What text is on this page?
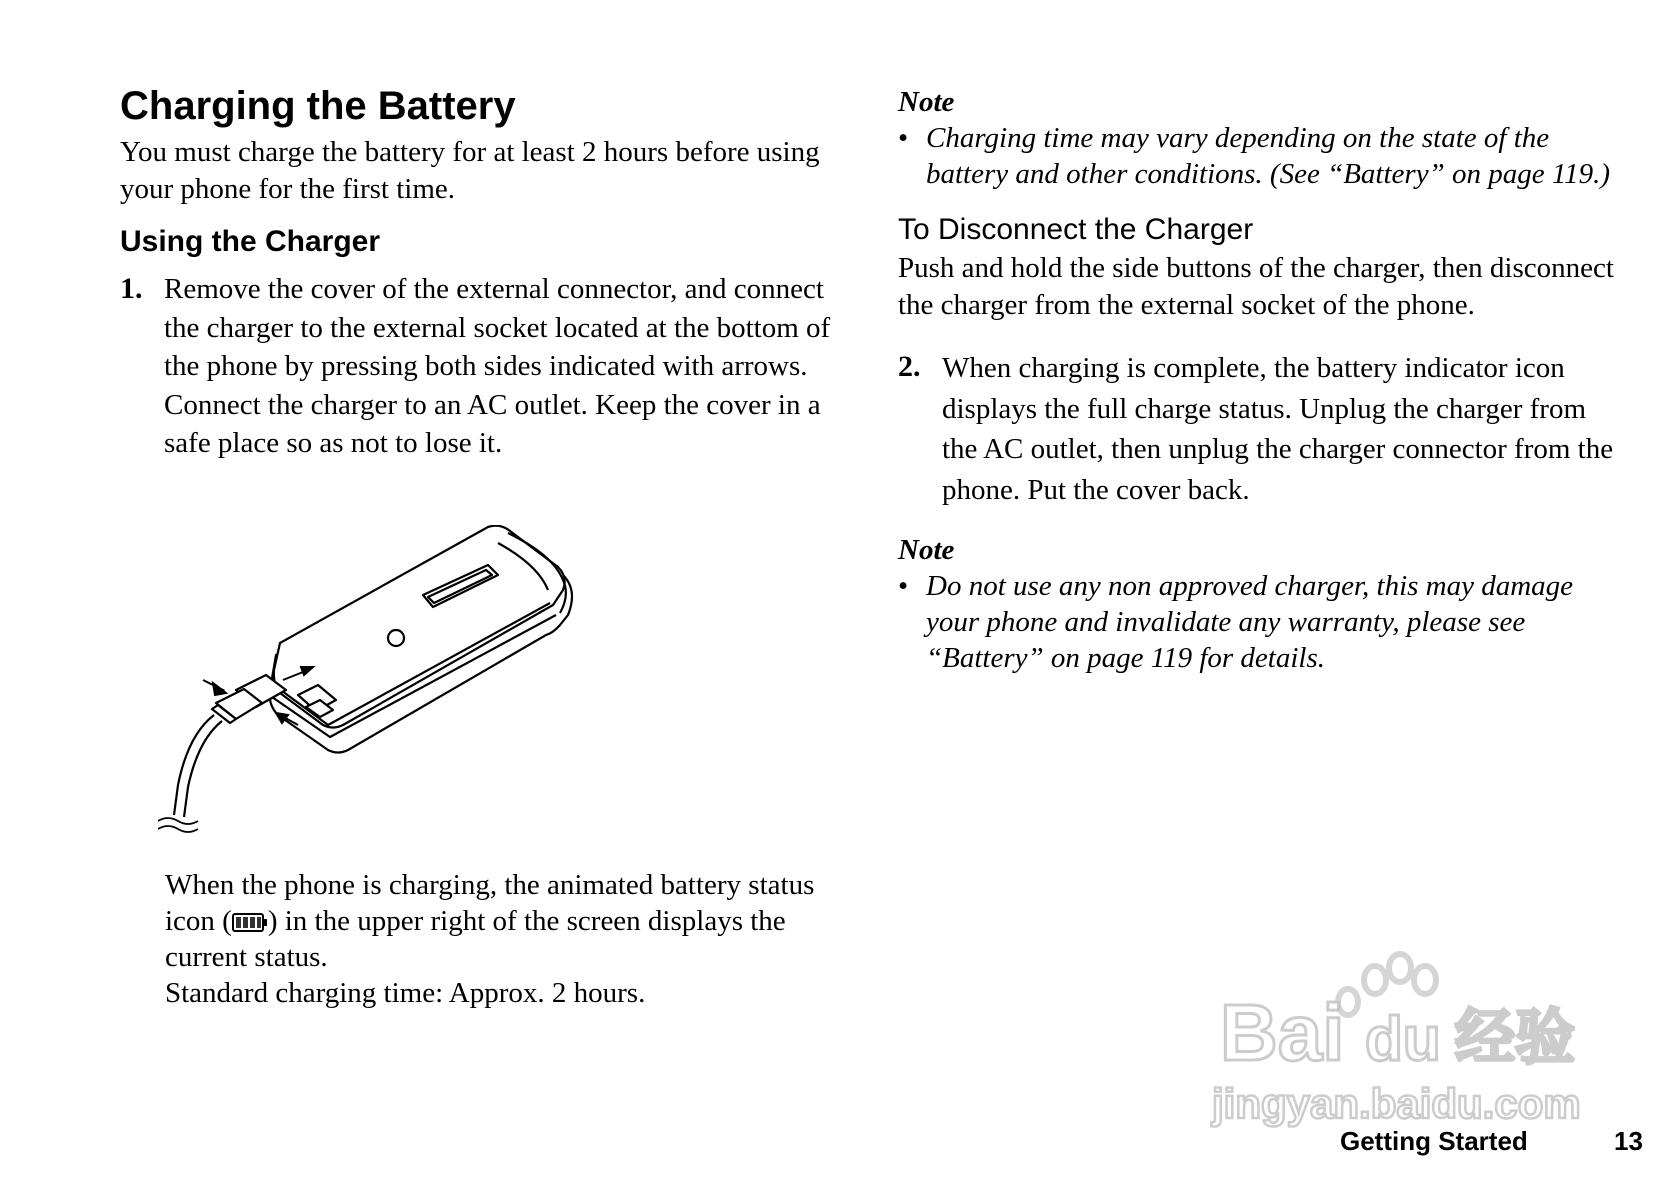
Charging the Battery

You must charge the battery for at least 2 hours before using your phone for the first time.

Using the Charger
1. Remove the cover of the external connector, and connect the charger to the external socket located at the bottom of the phone by pressing both sides indicated with arrows. Connect the charger to an AC outlet. Keep the cover in a safe place so as not to lose it.

When the phone is charging, the animated battery status icon ( ) in the upper right of the screen displays the current status.

Standard charging time: Approx. 2 hours.

Note
• Charging time may vary depending on the state of the battery and other conditions. (See “Battery” on page 119.)
To Disconnect the Charger

Push and hold the side buttons of the charger, then disconnect the charger from the external socket of the phone.

2. When charging is complete, the battery indicator icon displays the full charge status. Unplug the charger from the AC outlet, then unplug the charger connector from the phone. Put the cover back.
Note
• Do not use any non approved charger, this may damage your phone and invalidate any warranty, please see “Battery” on page 119 for details.
Bai du 经验
jingyan.baidu.com
Getting Started	13
